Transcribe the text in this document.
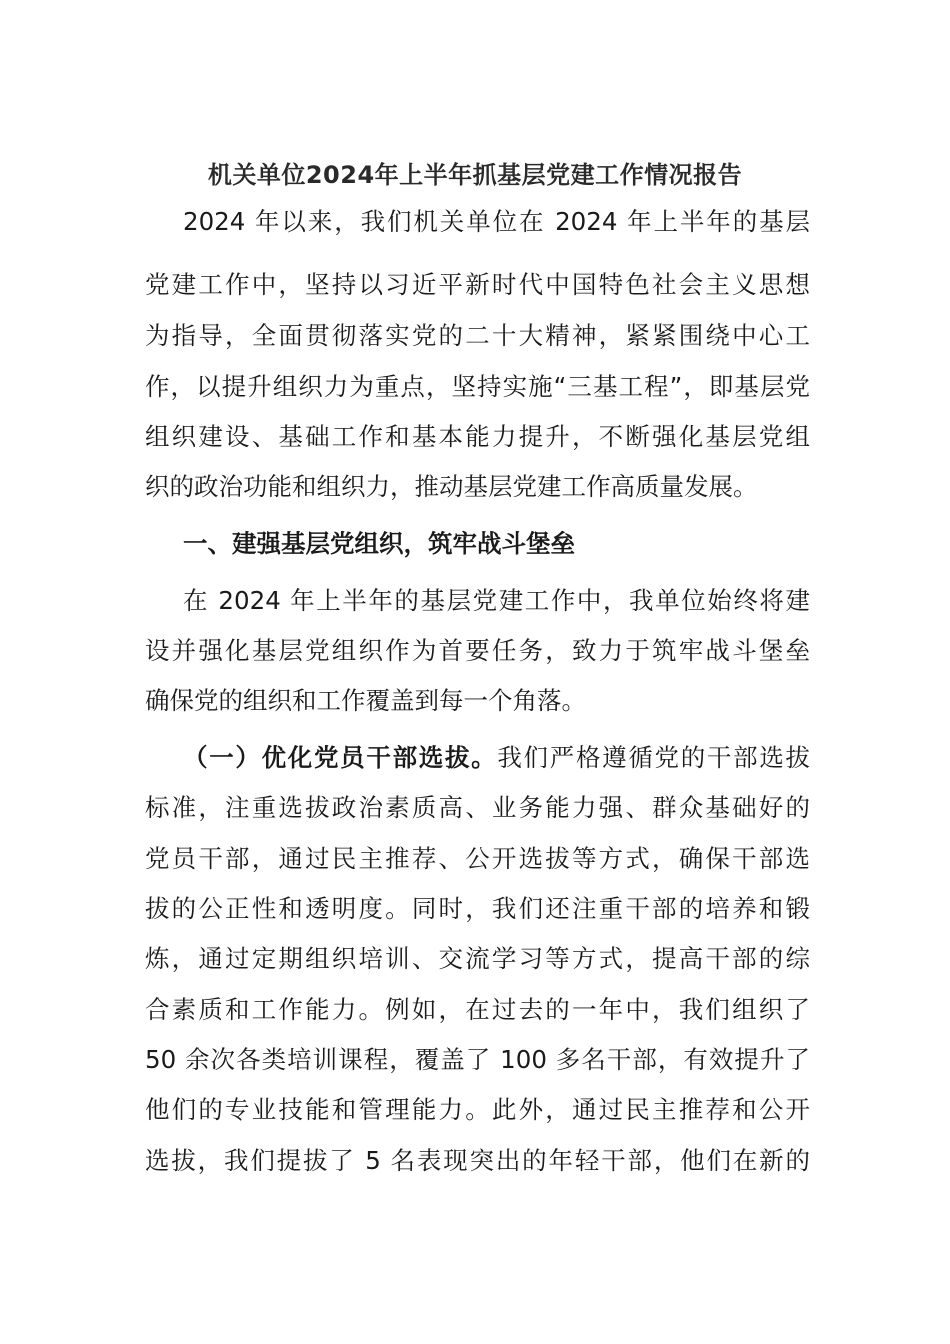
机关单位2024年上半年抓基层党建工作情况报告
2024 年以来，我们机关单位在 2024 年上半年的基层
党建工作中，坚持以习近平新时代中国特色社会主义思想
为指导，全面贯彻落实党的二十大精神，紧紧围绕中心工
作，以提升组织力为重点，坚持实施“三基工程”，即基层党
组织建设、基础工作和基本能力提升，不断强化基层党组
织的政治功能和组织力，推动基层党建工作高质量发展。
一、建强基层党组织，筑牢战斗堡垒
在 2024 年上半年的基层党建工作中，我单位始终将建
设并强化基层党组织作为首要任务，致力于筑牢战斗堡垒
确保党的组织和工作覆盖到每一个角落。
（一）优化党员干部选拔。我们严格遵循党的干部选拔
标准，注重选拔政治素质高、业务能力强、群众基础好的
党员干部，通过民主推荐、公开选拔等方式，确保干部选
拔的公正性和透明度。同时，我们还注重干部的培养和锻
炼，通过定期组织培训、交流学习等方式，提高干部的综
合素质和工作能力。例如，在过去的一年中，我们组织了
50 余次各类培训课程，覆盖了 100 多名干部，有效提升了
他们的专业技能和管理能力。此外，通过民主推荐和公开
选拔，我们提拔了 5 名表现突出的年轻干部，他们在新的
